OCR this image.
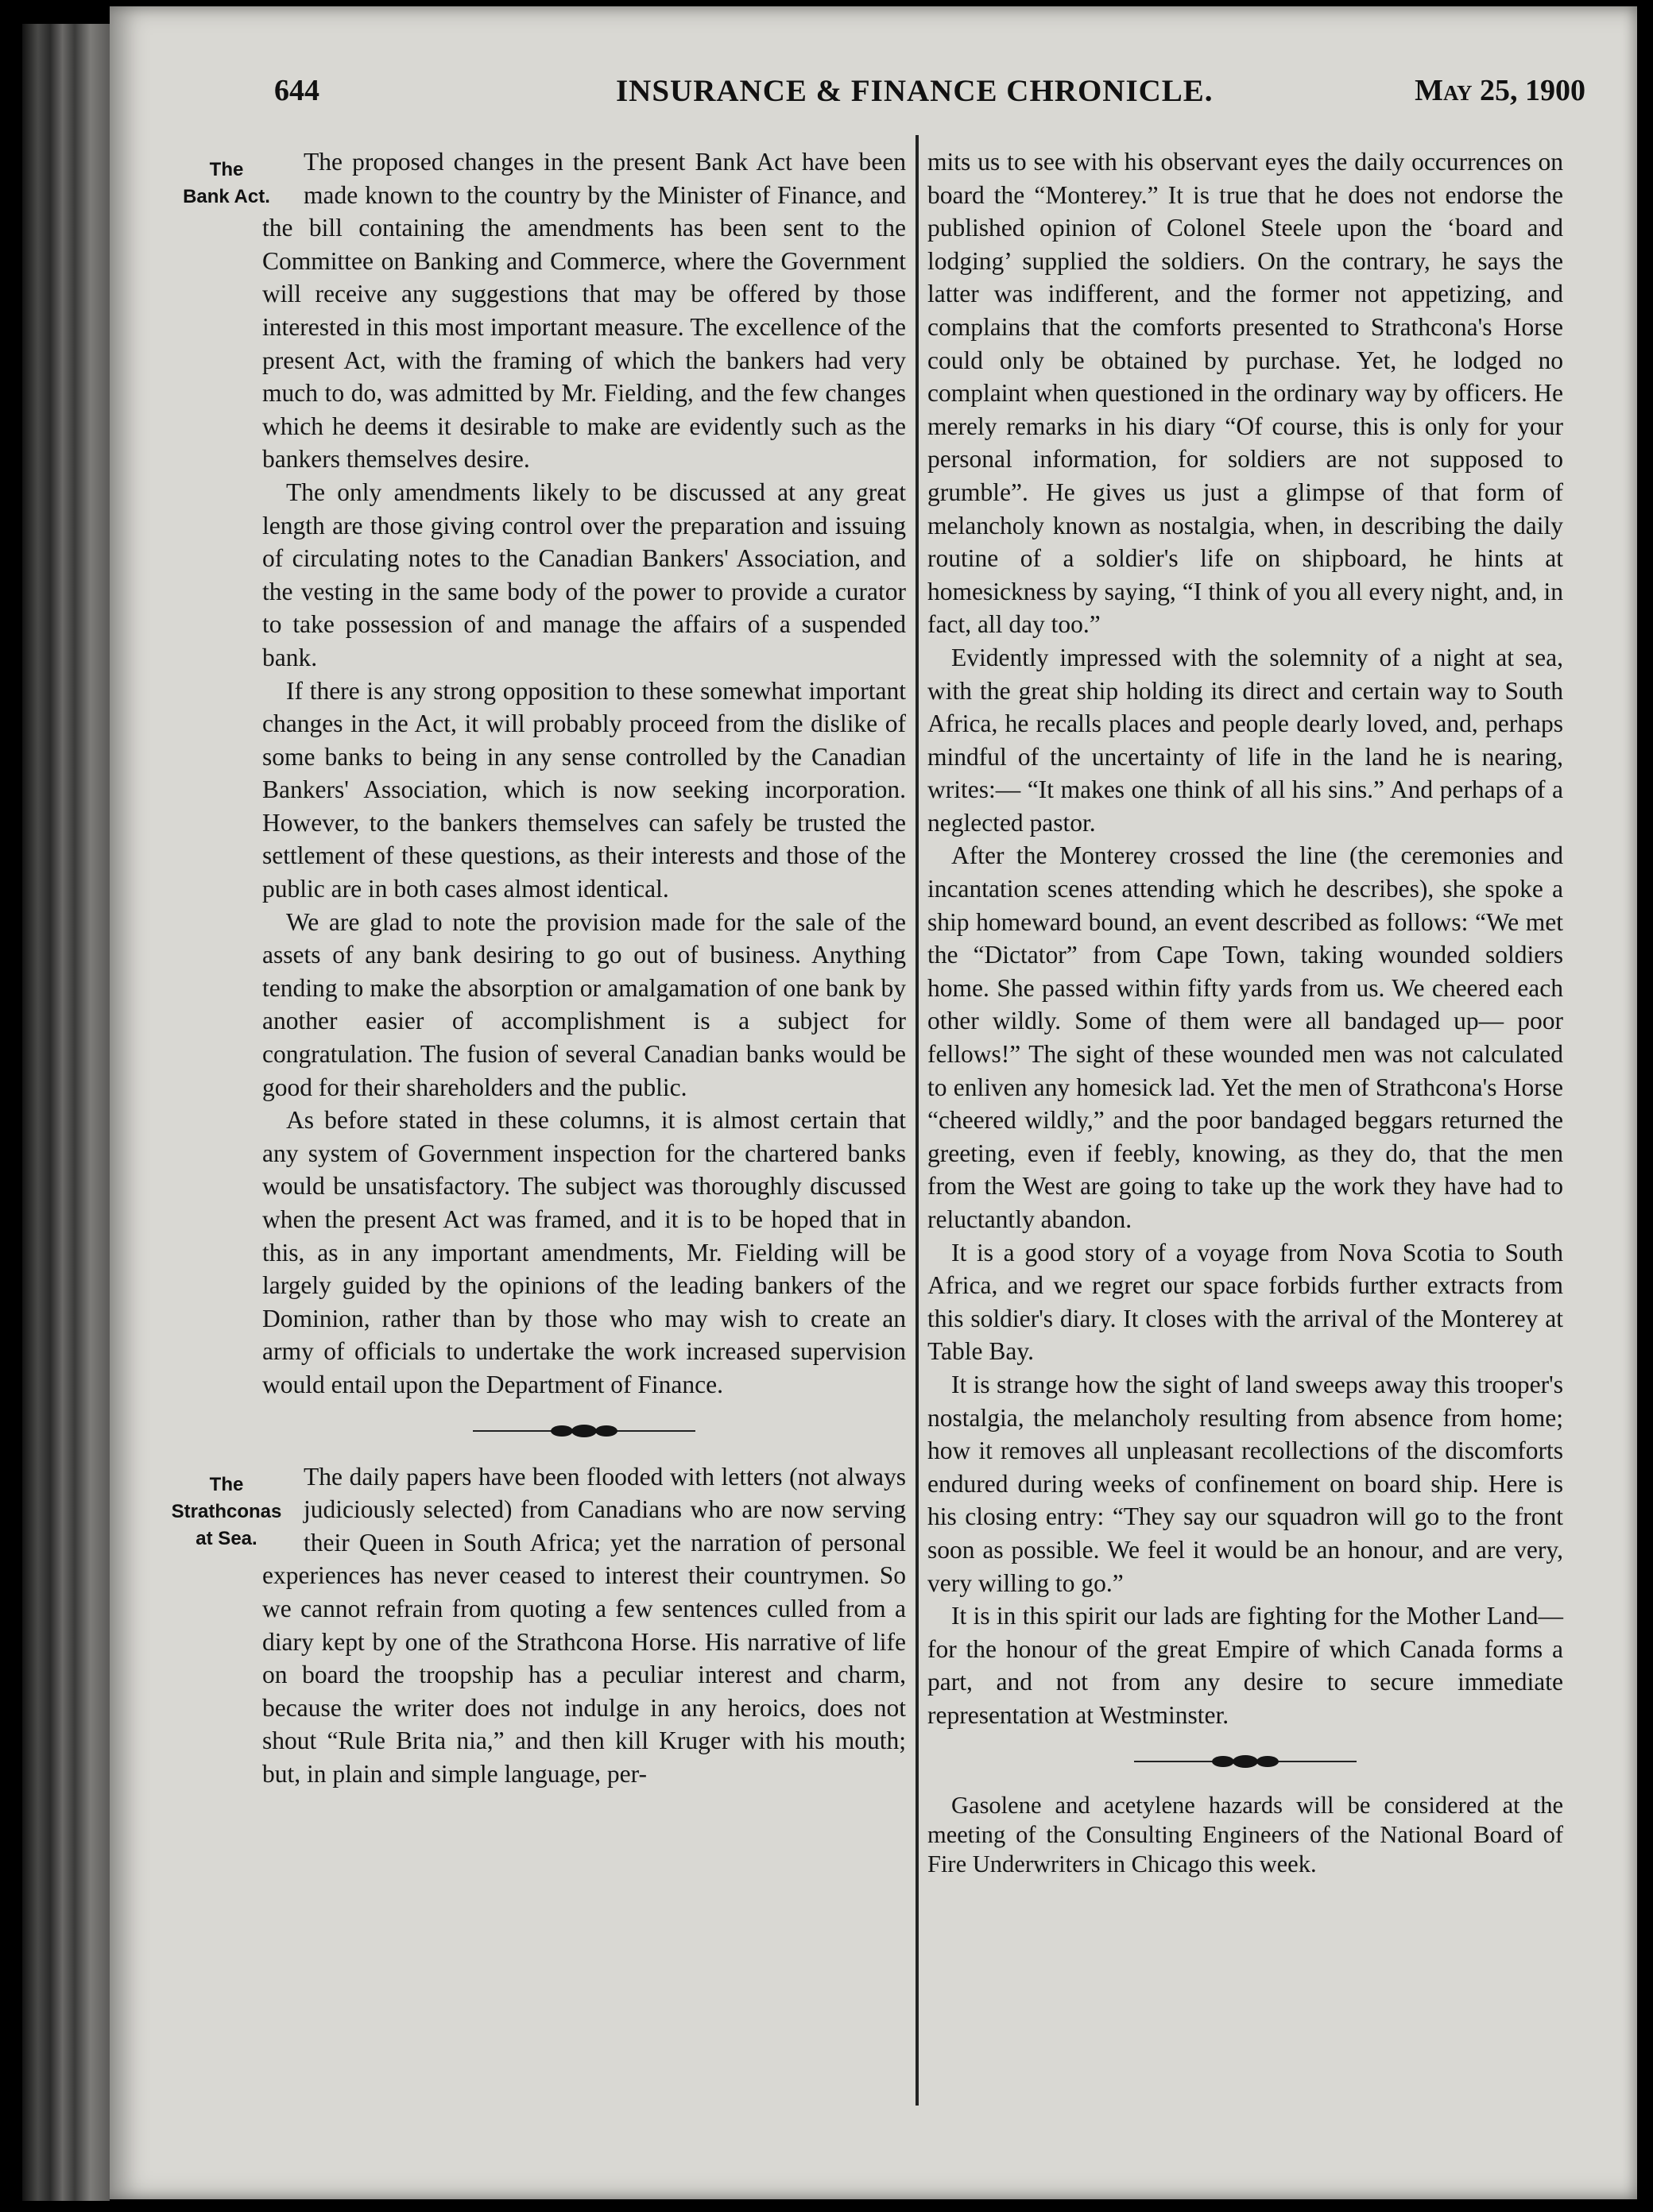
644	INSURANCE & FINANCE CHRONICLE.	May 25, 1900
The
Bank Act.

The proposed changes in the present Bank Act have been made known to the country by the Minister of Finance, and the bill containing the amendments has been sent to the Committee on Banking and Commerce, where the Government will receive any suggestions that may be offered by those interested in this most important measure. The excellence of the present Act, with the framing of which the bankers had very much to do, was admitted by Mr. Fielding, and the few changes which he deems it desirable to make are evidently such as the bankers themselves desire.

The only amendments likely to be discussed at any great length are those giving control over the preparation and issuing of circulating notes to the Canadian Bankers' Association, and the vesting in the same body of the power to provide a curator to take possession of and manage the affairs of a suspended bank.

If there is any strong opposition to these somewhat important changes in the Act, it will probably proceed from the dislike of some banks to being in any sense controlled by the Canadian Bankers' Association, which is now seeking incorporation. However, to the bankers themselves can safely be trusted the settlement of these questions, as their interests and those of the public are in both cases almost identical.

We are glad to note the provision made for the sale of the assets of any bank desiring to go out of business. Anything tending to make the absorption or amalgamation of one bank by another easier of accomplishment is a subject for congratulation. The fusion of several Canadian banks would be good for their shareholders and the public.

As before stated in these columns, it is almost certain that any system of Government inspection for the chartered banks would be unsatisfactory. The subject was thoroughly discussed when the present Act was framed, and it is to be hoped that in this, as in any important amendments, Mr. Fielding will be largely guided by the opinions of the leading bankers of the Dominion, rather than by those who may wish to create an army of officials to undertake the work increased supervision would entail upon the Department of Finance.

The
Strathconas
at Sea.

The daily papers have been flooded with letters (not always judiciously selected) from Canadians who are now serving their Queen in South Africa; yet the narration of personal experiences has never ceased to interest their countrymen. So we cannot refrain from quoting a few sentences culled from a diary kept by one of the Strathcona Horse. His narrative of life on board the troopship has a peculiar interest and charm, because the writer does not indulge in any heroics, does not shout “Rule Brita nia,” and then kill Kruger with his mouth; but, in plain and simple language, per-

mits us to see with his observant eyes the daily occurrences on board the “Monterey.” It is true that he does not endorse the published opinion of Colonel Steele upon the ‘board and lodging’ supplied the soldiers. On the contrary, he says the latter was indifferent, and the former not appetizing, and complains that the comforts presented to Strathcona's Horse could only be obtained by purchase. Yet, he lodged no complaint when questioned in the ordinary way by officers. He merely remarks in his diary “Of course, this is only for your personal information, for soldiers are not supposed to grumble”. He gives us just a glimpse of that form of melancholy known as nostalgia, when, in describing the daily routine of a soldier's life on shipboard, he hints at homesickness by saying, “I think of you all every night, and, in fact, all day too.”

Evidently impressed with the solemnity of a night at sea, with the great ship holding its direct and certain way to South Africa, he recalls places and people dearly loved, and, perhaps mindful of the uncertainty of life in the land he is nearing, writes:— “It makes one think of all his sins.” And perhaps of a neglected pastor.

After the Monterey crossed the line (the ceremonies and incantation scenes attending which he describes), she spoke a ship homeward bound, an event described as follows: “We met the “Dictator” from Cape Town, taking wounded soldiers home. She passed within fifty yards from us. We cheered each other wildly. Some of them were all bandaged up— poor fellows!” The sight of these wounded men was not calculated to enliven any homesick lad. Yet the men of Strathcona's Horse “cheered wildly,” and the poor bandaged beggars returned the greeting, even if feebly, knowing, as they do, that the men from the West are going to take up the work they have had to reluctantly abandon.

It is a good story of a voyage from Nova Scotia to South Africa, and we regret our space forbids further extracts from this soldier's diary. It closes with the arrival of the Monterey at Table Bay.

It is strange how the sight of land sweeps away this trooper's nostalgia, the melancholy resulting from absence from home; how it removes all unpleasant recollections of the discomforts endured during weeks of confinement on board ship. Here is his closing entry: “They say our squadron will go to the front soon as possible. We feel it would be an honour, and are very, very willing to go.”

It is in this spirit our lads are fighting for the Mother Land—for the honour of the great Empire of which Canada forms a part, and not from any desire to secure immediate representation at Westminster.

Gasolene and acetylene hazards will be considered at the meeting of the Consulting Engineers of the National Board of Fire Underwriters in Chicago this week.
